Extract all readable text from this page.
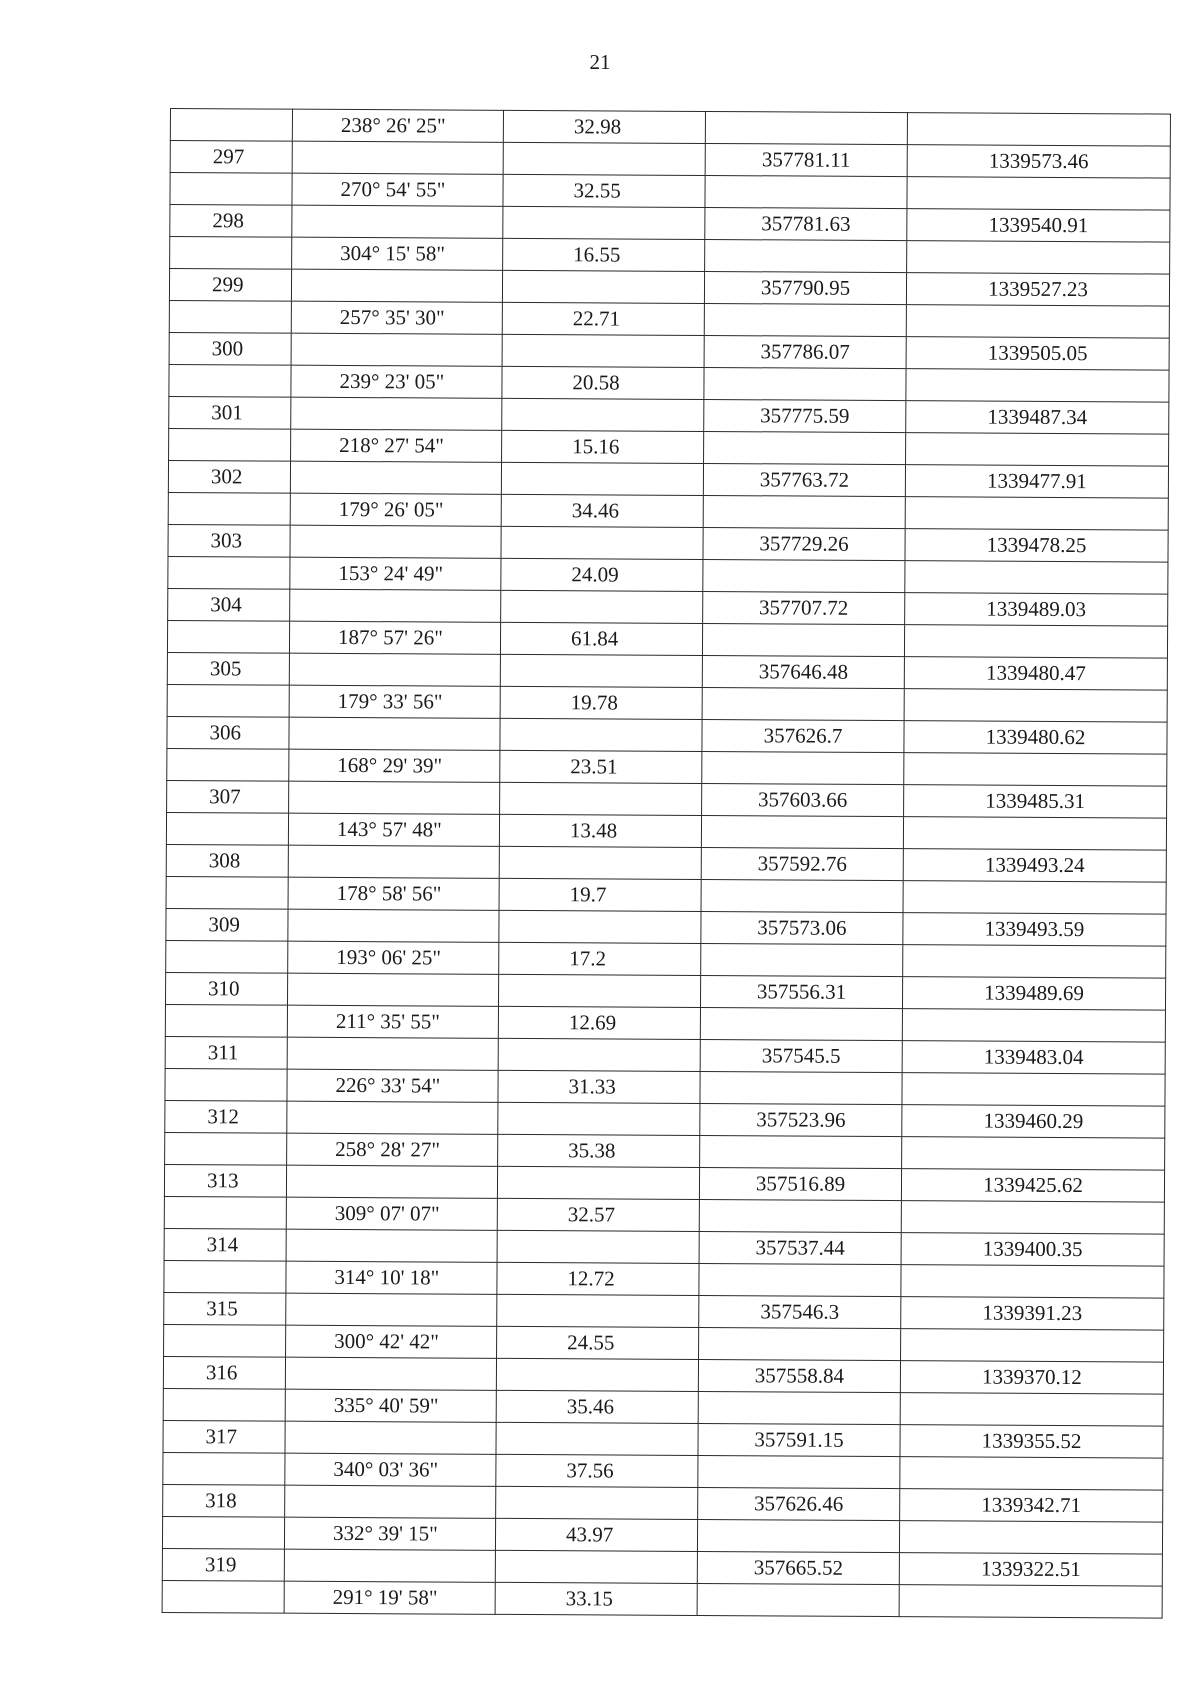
21
	238° 26' 25"	32.98		
297			357781.11	1339573.46
	270° 54' 55"	32.55		
298			357781.63	1339540.91
	304° 15' 58"	16.55		
299			357790.95	1339527.23
	257° 35' 30"	22.71		
300			357786.07	1339505.05
	239° 23' 05"	20.58		
301			357775.59	1339487.34
	218° 27' 54"	15.16		
302			357763.72	1339477.91
	179° 26' 05"	34.46		
303			357729.26	1339478.25
	153° 24' 49"	24.09		
304			357707.72	1339489.03
	187° 57' 26"	61.84		
305			357646.48	1339480.47
	179° 33' 56"	19.78		
306			357626.7	1339480.62
	168° 29' 39"	23.51		
307			357603.66	1339485.31
	143° 57' 48"	13.48		
308			357592.76	1339493.24
	178° 58' 56"	19.7		
309			357573.06	1339493.59
	193° 06' 25"	17.2		
310			357556.31	1339489.69
	211° 35' 55"	12.69		
311			357545.5	1339483.04
	226° 33' 54"	31.33		
312			357523.96	1339460.29
	258° 28' 27"	35.38		
313			357516.89	1339425.62
	309° 07' 07"	32.57		
314			357537.44	1339400.35
	314° 10' 18"	12.72		
315			357546.3	1339391.23
	300° 42' 42"	24.55		
316			357558.84	1339370.12
	335° 40' 59"	35.46		
317			357591.15	1339355.52
	340° 03' 36"	37.56		
318			357626.46	1339342.71
	332° 39' 15"	43.97		
319			357665.52	1339322.51
	291° 19' 58"	33.15		
